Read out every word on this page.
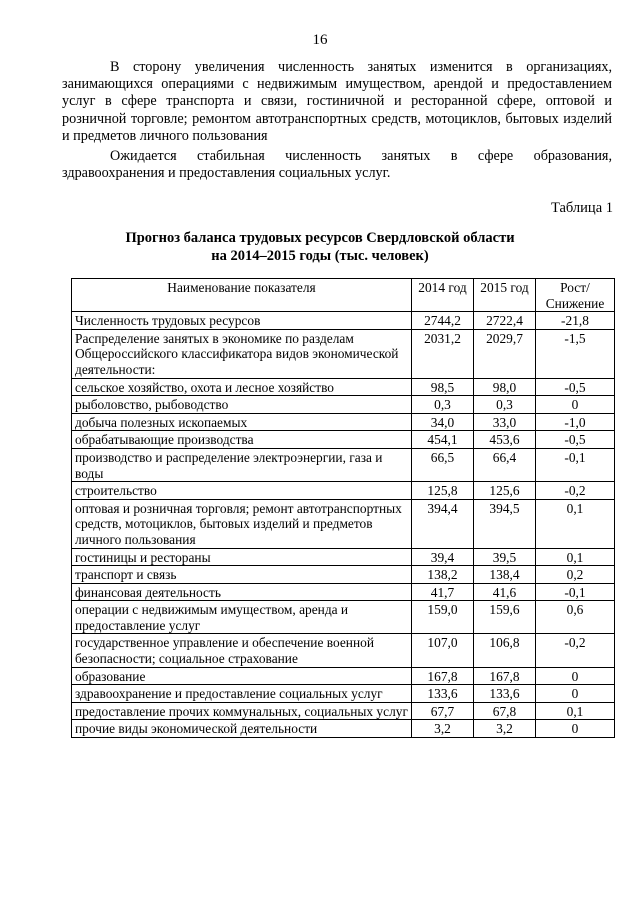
16

В сторону увеличения численность занятых изменится в организациях, занимающихся операциями с недвижимым имуществом, арендой и предоставлением услуг в сфере транспорта и связи, гостиничной и ресторанной сфере, оптовой и розничной торговле; ремонтом автотранспортных средств, мотоциклов, бытовых изделий и предметов личного пользования

Ожидается стабильная численность занятых в сфере образования, здравоохранения и предоставления социальных услуг.

Таблица 1
Прогноз баланса трудовых ресурсов Свердловской области
на 2014–2015 годы (тыс. человек)
Наименование показателя	2014 год	2015 год	Рост/ Снижение
Численность трудовых ресурсов	2744,2	2722,4	-21,8
Распределение занятых в экономике по разделам Общероссийского классификатора видов экономической деятельности:	2031,2	2029,7	-1,5
сельское хозяйство, охота и лесное хозяйство	98,5	98,0	-0,5
рыболовство, рыбоводство	0,3	0,3	0
добыча полезных ископаемых	34,0	33,0	-1,0
обрабатывающие производства	454,1	453,6	-0,5
производство и распределение электроэнергии, газа и воды	66,5	66,4	-0,1
строительство	125,8	125,6	-0,2
оптовая и розничная торговля; ремонт автотранспортных средств, мотоциклов, бытовых изделий и предметов личного пользования	394,4	394,5	0,1
гостиницы и рестораны	39,4	39,5	0,1
транспорт и связь	138,2	138,4	0,2
финансовая деятельность	41,7	41,6	-0,1
операции с недвижимым имуществом, аренда и предоставление услуг	159,0	159,6	0,6
государственное управление и обеспечение военной безопасности; социальное страхование	107,0	106,8	-0,2
образование	167,8	167,8	0
здравоохранение и предоставление социальных услуг	133,6	133,6	0
предоставление прочих коммунальных, социальных услуг	67,7	67,8	0,1
прочие виды экономической деятельности	3,2	3,2	0
